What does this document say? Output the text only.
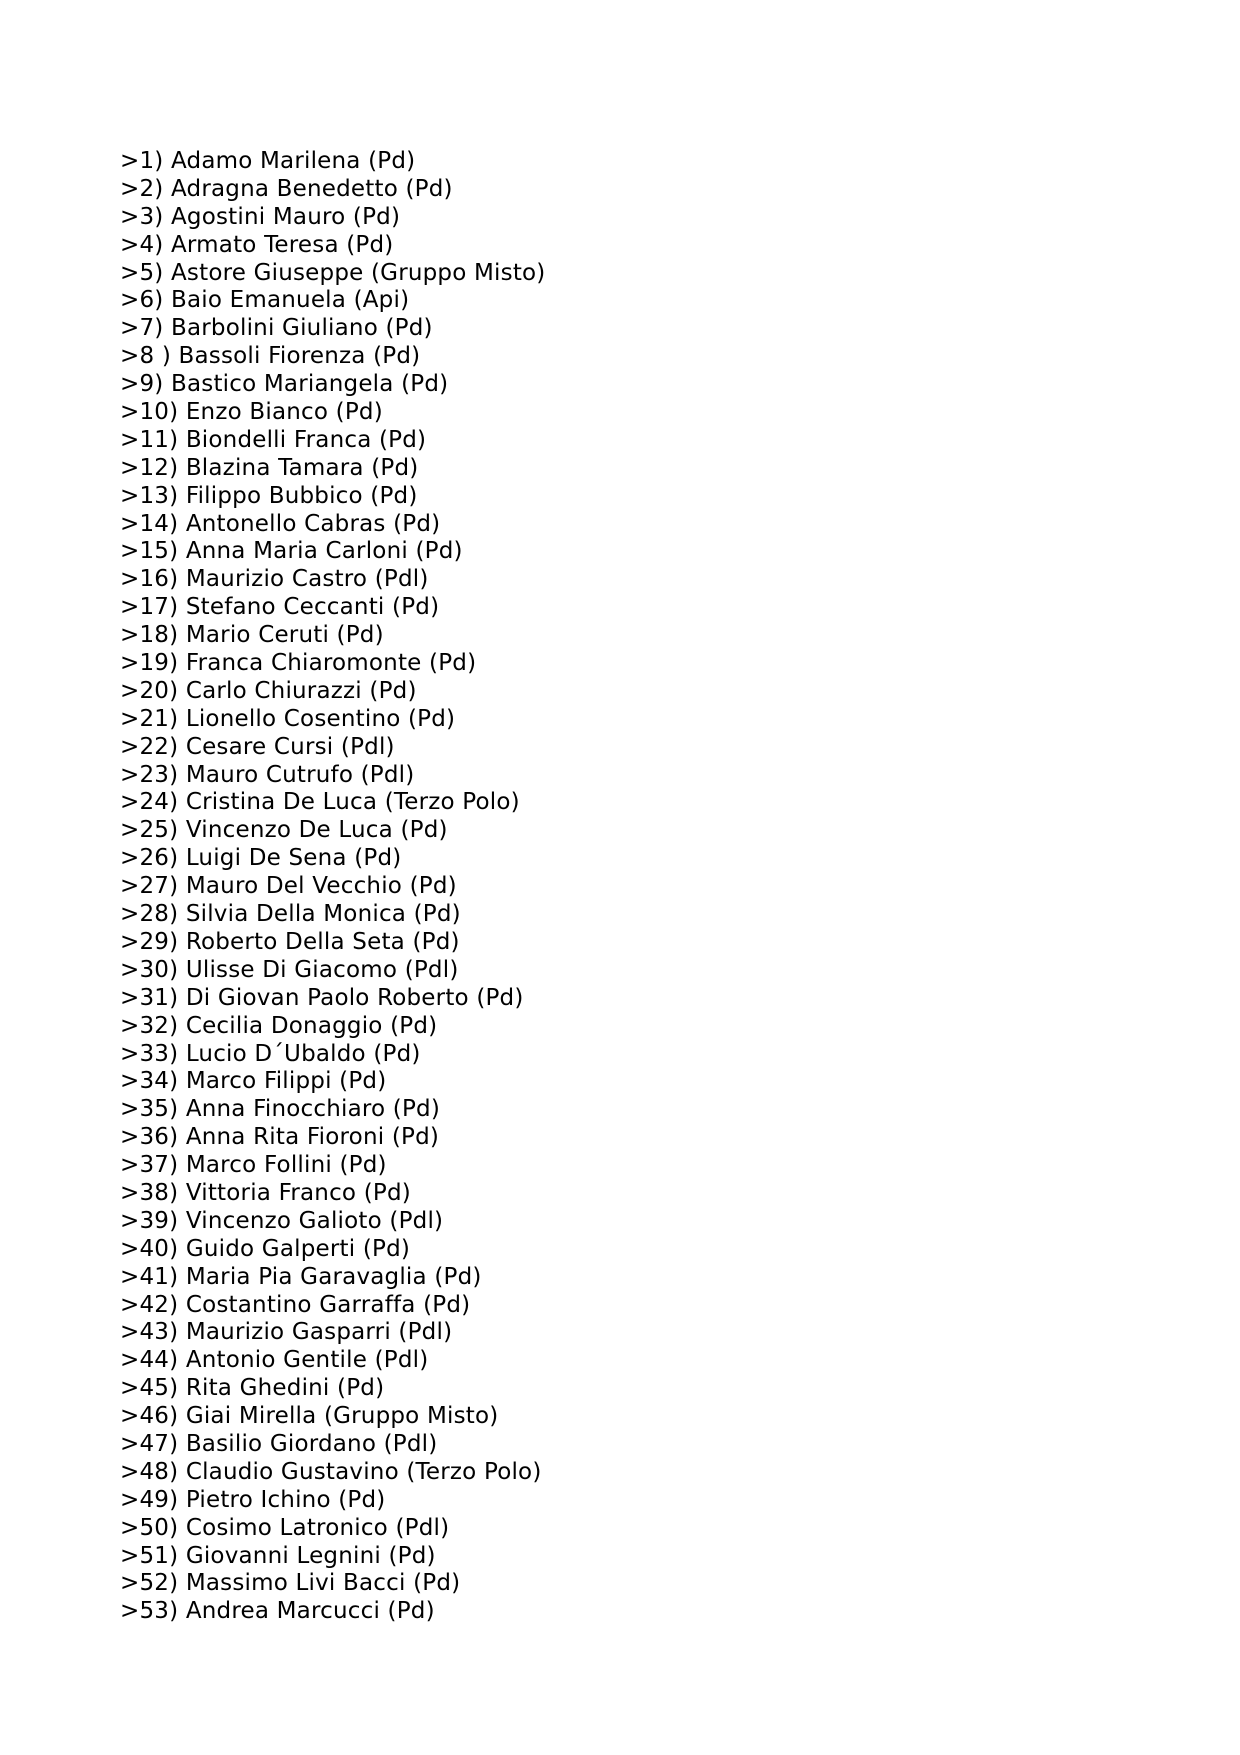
>1) Adamo Marilena (Pd)
>2) Adragna Benedetto (Pd)
>3) Agostini Mauro (Pd)
>4) Armato Teresa (Pd)
>5) Astore Giuseppe (Gruppo Misto)
>6) Baio Emanuela (Api)
>7) Barbolini Giuliano (Pd)
>8 ) Bassoli Fiorenza (Pd)
>9) Bastico Mariangela (Pd)
>10) Enzo Bianco (Pd)
>11) Biondelli Franca (Pd)
>12) Blazina Tamara (Pd)
>13) Filippo Bubbico (Pd)
>14) Antonello Cabras (Pd)
>15) Anna Maria Carloni (Pd)
>16) Maurizio Castro (Pdl)
>17) Stefano Ceccanti (Pd)
>18) Mario Ceruti (Pd)
>19) Franca Chiaromonte (Pd)
>20) Carlo Chiurazzi (Pd)
>21) Lionello Cosentino (Pd)
>22) Cesare Cursi (Pdl)
>23) Mauro Cutrufo (Pdl)
>24) Cristina De Luca (Terzo Polo)
>25) Vincenzo De Luca (Pd)
>26) Luigi De Sena (Pd)
>27) Mauro Del Vecchio (Pd)
>28) Silvia Della Monica (Pd)
>29) Roberto Della Seta (Pd)
>30) Ulisse Di Giacomo (Pdl)
>31) Di Giovan Paolo Roberto (Pd)
>32) Cecilia Donaggio (Pd)
>33) Lucio D´Ubaldo (Pd)
>34) Marco Filippi (Pd)
>35) Anna Finocchiaro (Pd)
>36) Anna Rita Fioroni (Pd)
>37) Marco Follini (Pd)
>38) Vittoria Franco (Pd)
>39) Vincenzo Galioto (Pdl)
>40) Guido Galperti (Pd)
>41) Maria Pia Garavaglia (Pd)
>42) Costantino Garraffa (Pd)
>43) Maurizio Gasparri (Pdl)
>44) Antonio Gentile (Pdl)
>45) Rita Ghedini (Pd)
>46) Giai Mirella (Gruppo Misto)
>47) Basilio Giordano (Pdl)
>48) Claudio Gustavino (Terzo Polo)
>49) Pietro Ichino (Pd)
>50) Cosimo Latronico (Pdl)
>51) Giovanni Legnini (Pd)
>52) Massimo Livi Bacci (Pd)
>53) Andrea Marcucci (Pd)
